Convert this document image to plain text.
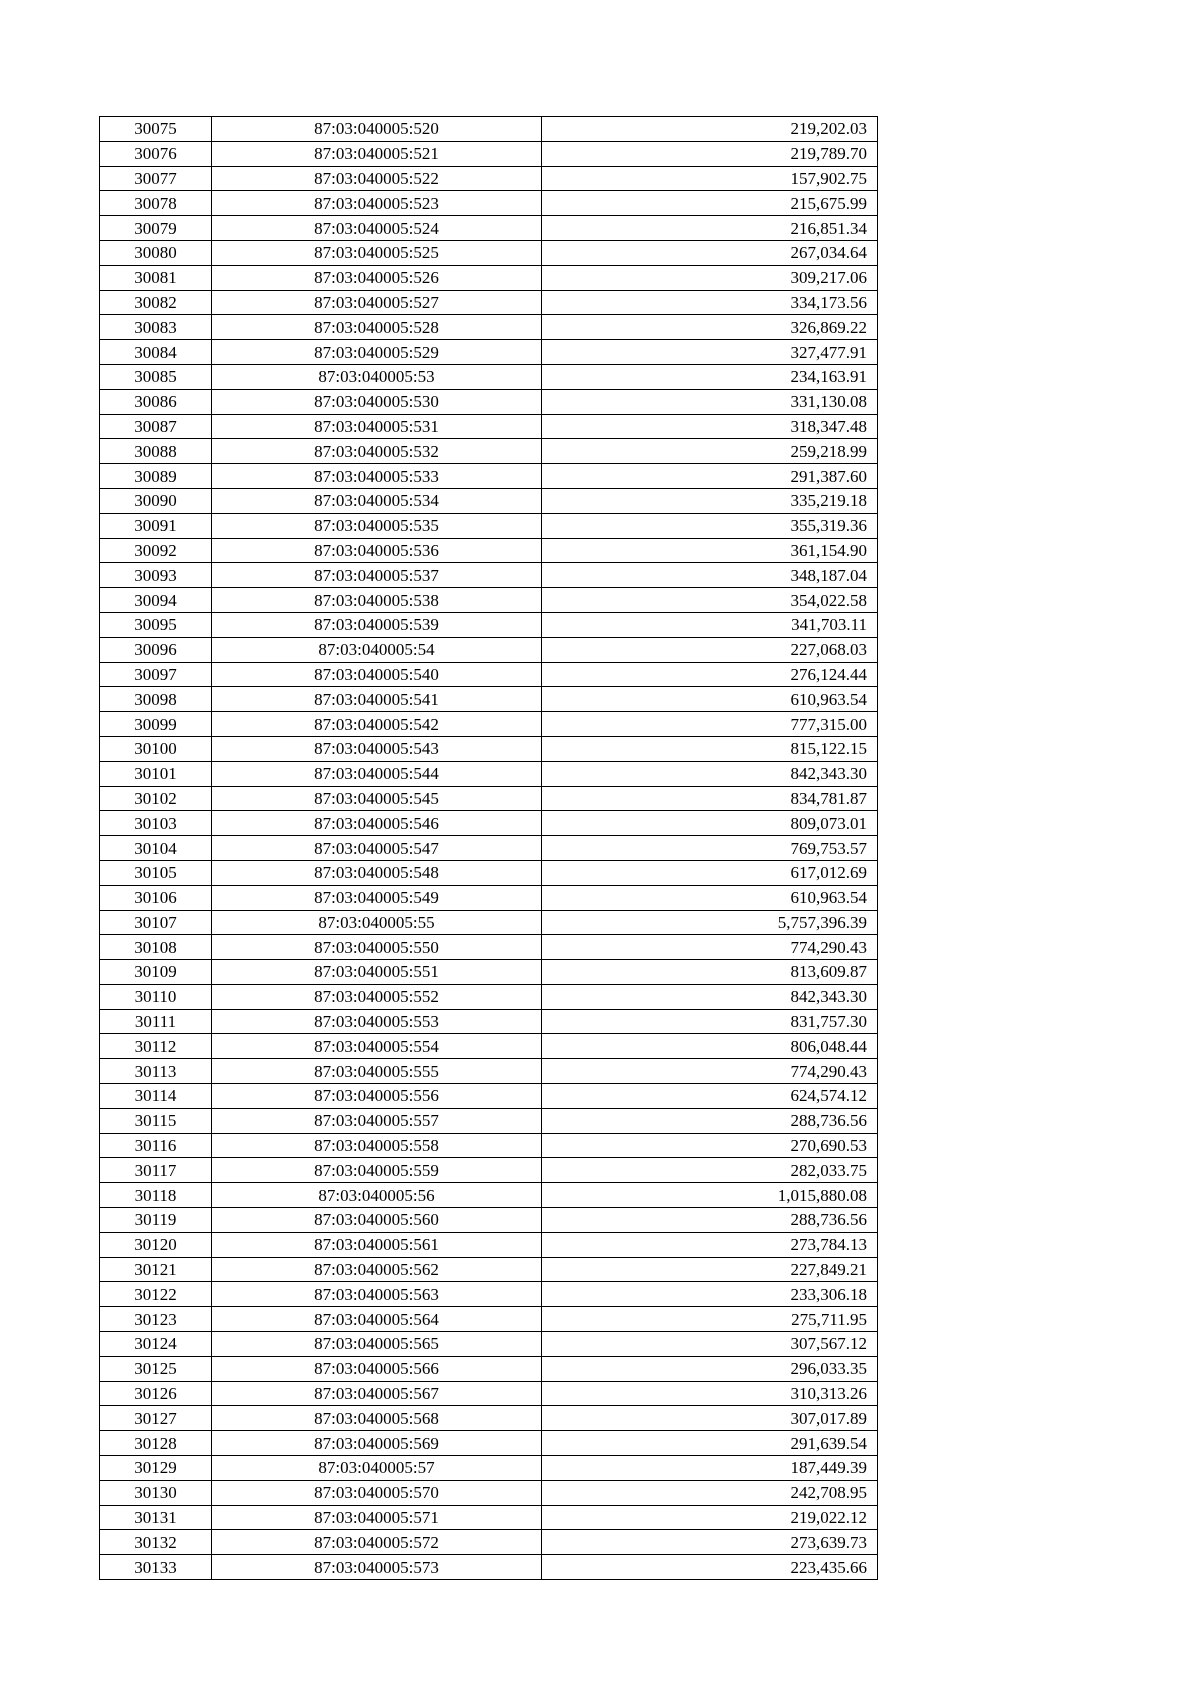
30075	87:03:040005:520	219,202.03
30076	87:03:040005:521	219,789.70
30077	87:03:040005:522	157,902.75
30078	87:03:040005:523	215,675.99
30079	87:03:040005:524	216,851.34
30080	87:03:040005:525	267,034.64
30081	87:03:040005:526	309,217.06
30082	87:03:040005:527	334,173.56
30083	87:03:040005:528	326,869.22
30084	87:03:040005:529	327,477.91
30085	87:03:040005:53	234,163.91
30086	87:03:040005:530	331,130.08
30087	87:03:040005:531	318,347.48
30088	87:03:040005:532	259,218.99
30089	87:03:040005:533	291,387.60
30090	87:03:040005:534	335,219.18
30091	87:03:040005:535	355,319.36
30092	87:03:040005:536	361,154.90
30093	87:03:040005:537	348,187.04
30094	87:03:040005:538	354,022.58
30095	87:03:040005:539	341,703.11
30096	87:03:040005:54	227,068.03
30097	87:03:040005:540	276,124.44
30098	87:03:040005:541	610,963.54
30099	87:03:040005:542	777,315.00
30100	87:03:040005:543	815,122.15
30101	87:03:040005:544	842,343.30
30102	87:03:040005:545	834,781.87
30103	87:03:040005:546	809,073.01
30104	87:03:040005:547	769,753.57
30105	87:03:040005:548	617,012.69
30106	87:03:040005:549	610,963.54
30107	87:03:040005:55	5,757,396.39
30108	87:03:040005:550	774,290.43
30109	87:03:040005:551	813,609.87
30110	87:03:040005:552	842,343.30
30111	87:03:040005:553	831,757.30
30112	87:03:040005:554	806,048.44
30113	87:03:040005:555	774,290.43
30114	87:03:040005:556	624,574.12
30115	87:03:040005:557	288,736.56
30116	87:03:040005:558	270,690.53
30117	87:03:040005:559	282,033.75
30118	87:03:040005:56	1,015,880.08
30119	87:03:040005:560	288,736.56
30120	87:03:040005:561	273,784.13
30121	87:03:040005:562	227,849.21
30122	87:03:040005:563	233,306.18
30123	87:03:040005:564	275,711.95
30124	87:03:040005:565	307,567.12
30125	87:03:040005:566	296,033.35
30126	87:03:040005:567	310,313.26
30127	87:03:040005:568	307,017.89
30128	87:03:040005:569	291,639.54
30129	87:03:040005:57	187,449.39
30130	87:03:040005:570	242,708.95
30131	87:03:040005:571	219,022.12
30132	87:03:040005:572	273,639.73
30133	87:03:040005:573	223,435.66
